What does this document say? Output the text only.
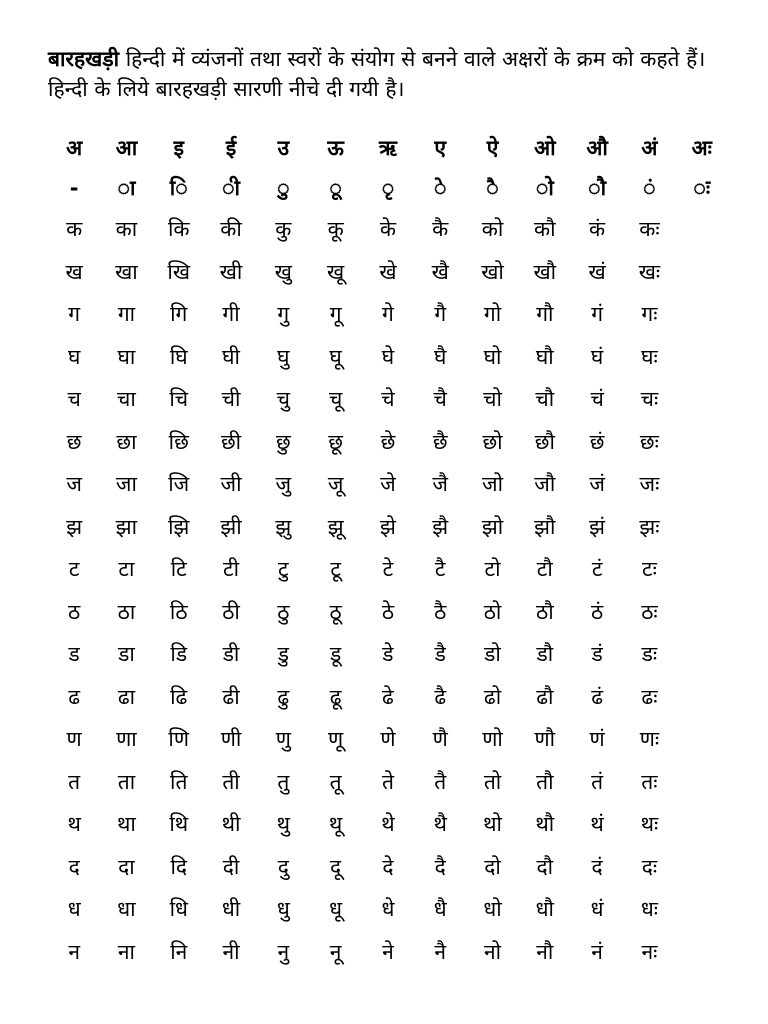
बारहखड़ी हिन्दी में व्यंजनों तथा स्वरों के संयोग से बनने वाले अक्षरों के क्रम को कहते हैं। हिन्दी के लिये बारहखड़ी सारणी नीचे दी गयी है।

अ	आ	इ	ई	उ	ऊ	ऋ	ए	ऐ	ओ	औ	अं	अः
-	◌ा	◌ि	◌ी	◌ु	◌ू	◌ृ	◌े	◌ै	◌ो	◌ौ	◌ं	◌ः
क	का	कि	की	कु	कू	के	कै	को	कौ	कं	कः	
ख	खा	खि	खी	खु	खू	खे	खै	खो	खौ	खं	खः	
ग	गा	गि	गी	गु	गू	गे	गै	गो	गौ	गं	गः	
घ	घा	घि	घी	घु	घू	घे	घै	घो	घौ	घं	घः	
च	चा	चि	ची	चु	चू	चे	चै	चो	चौ	चं	चः	
छ	छा	छि	छी	छु	छू	छे	छै	छो	छौ	छं	छः	
ज	जा	जि	जी	जु	जू	जे	जै	जो	जौ	जं	जः	
झ	झा	झि	झी	झु	झू	झे	झै	झो	झौ	झं	झः	
ट	टा	टि	टी	टु	टू	टे	टै	टो	टौ	टं	टः	
ठ	ठा	ठि	ठी	ठु	ठू	ठे	ठै	ठो	ठौ	ठं	ठः	
ड	डा	डि	डी	डु	डू	डे	डै	डो	डौ	डं	डः	
ढ	ढा	ढि	ढी	ढु	ढू	ढे	ढै	ढो	ढौ	ढं	ढः	
ण	णा	णि	णी	णु	णू	णे	णै	णो	णौ	णं	णः	
त	ता	ति	ती	तु	तू	ते	तै	तो	तौ	तं	तः	
थ	था	थि	थी	थु	थू	थे	थै	थो	थौ	थं	थः	
द	दा	दि	दी	दु	दू	दे	दै	दो	दौ	दं	दः	
ध	धा	धि	धी	धु	धू	धे	धै	धो	धौ	धं	धः	
न	ना	नि	नी	नु	नू	ने	नै	नो	नौ	नं	नः	
